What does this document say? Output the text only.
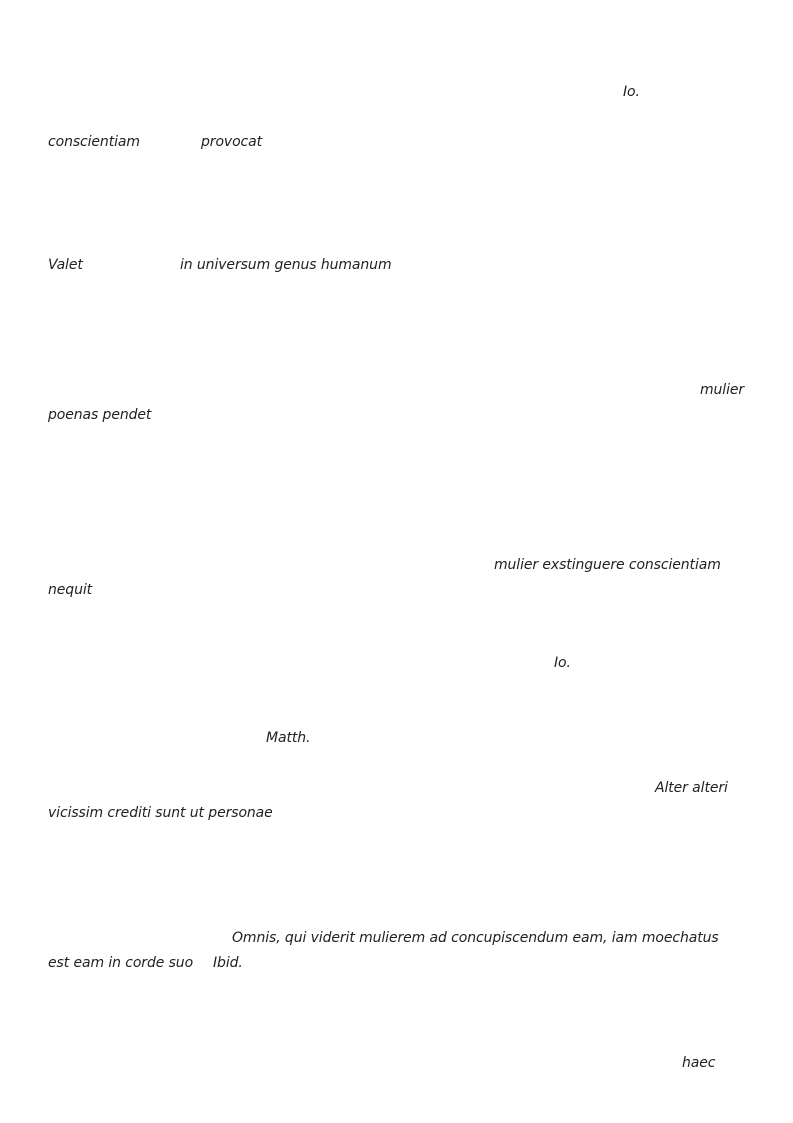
Io.
conscientiam	provocat
Valet	in universum genus humanum
mulier
poenas pendet
mulier exstinguere conscientiam
nequit
Io.
Matth.
Alter alteri
vicissim crediti sunt ut personae
Omnis, qui viderit mulierem ad concupiscendum eam, iam moechatus
est eam in corde suo Ibid.
haec
